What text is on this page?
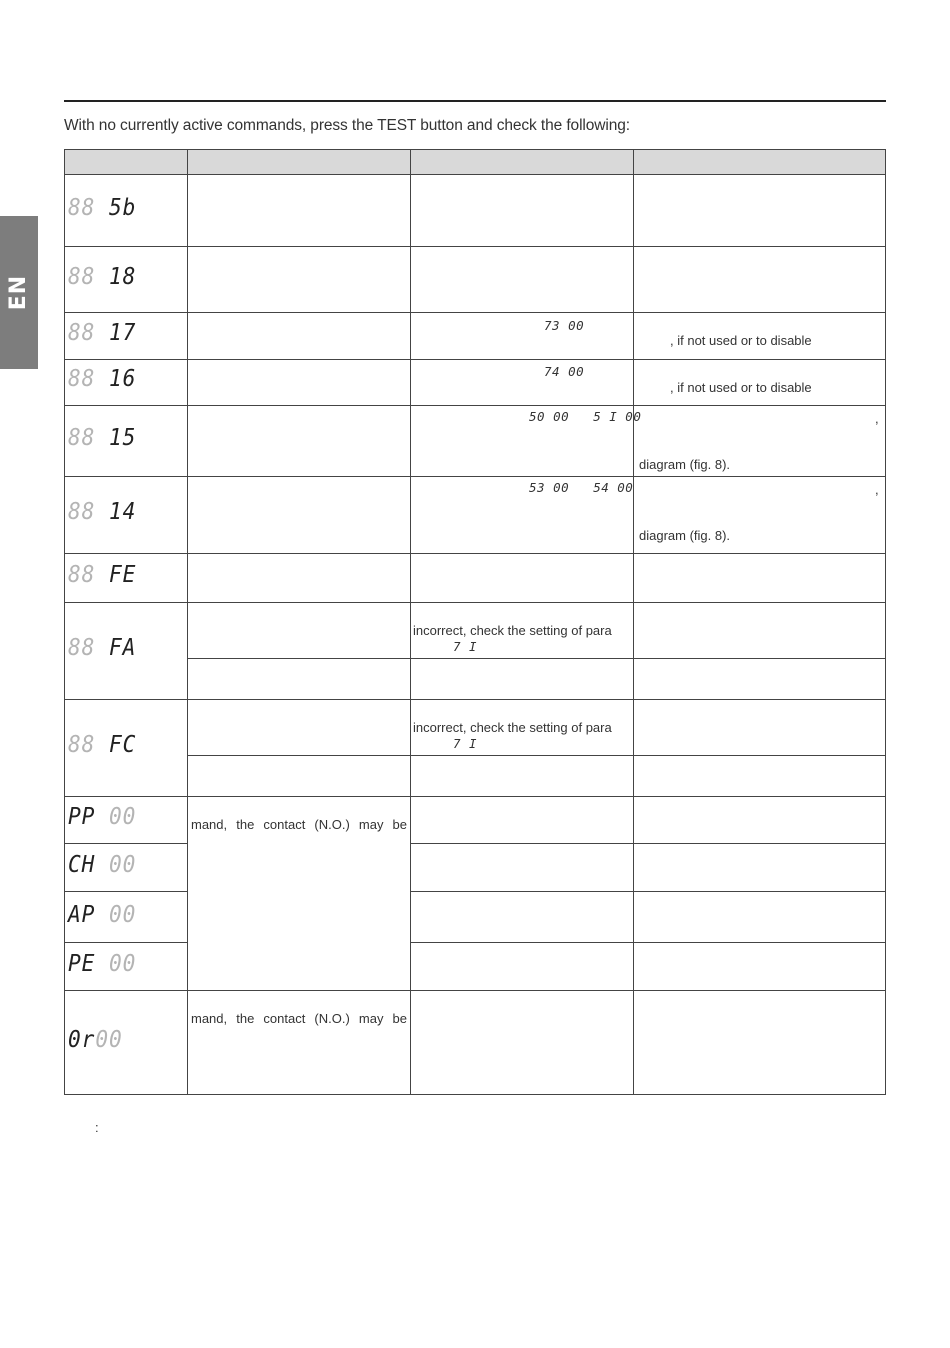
With no currently active commands, press the TEST button and check the following:
EN
88 5b
88 18
88 17
88 16
88 15
88 14
88 FE
88 FA
88 FC
PP 00
CH 00
AP 00
PE 00
0r00
73 00
74 00
50 00   5 I 00
53 00   54 00
incorrect, check the setting of para
7 I
incorrect, check the setting of para
7 I
, if not used or to disable
, if not used or to disable
,
diagram (fig. 8).
,
diagram (fig. 8).
mand, the contact (N.O.) may be
mand, the contact (N.O.) may be
:
